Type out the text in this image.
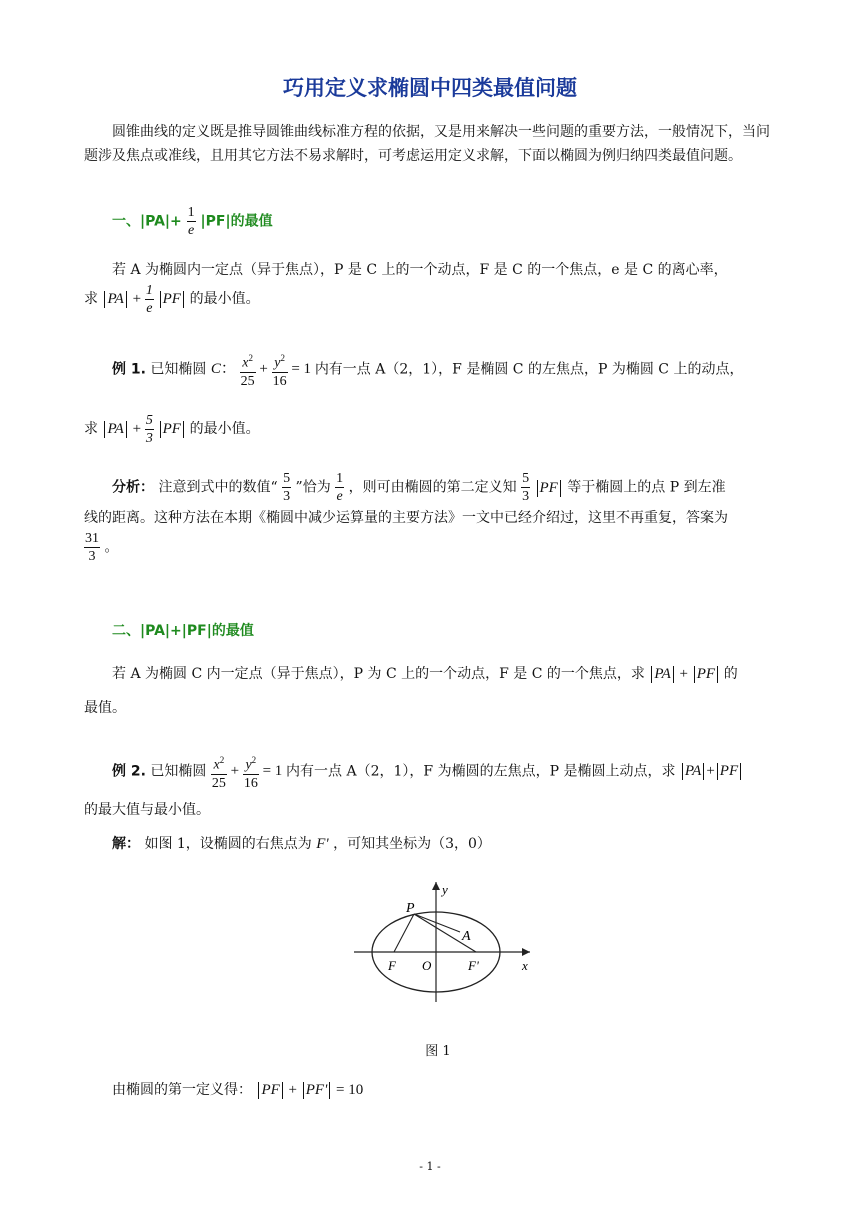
巧用定义求椭圆中四类最值问题
圆锥曲线的定义既是推导圆锥曲线标准方程的依据，又是用来解决一些问题的重要方法，一般情况下，当问题涉及焦点或准线，且用其它方法不易求解时，可考虑运用定义求解，下面以椭圆为例归纳四类最值问题。
一、$|PA|+ \frac{1}{e} |PF|$的最值
若 A 为椭圆内一定点（异于焦点），P 是 C 上的一个动点，F 是 C 的一个焦点，e 是 C 的离心率，
求 PA + $\frac{1}{e}$ PF 的最小值。
例 1. 已知椭圆 C： $\frac{x^2}{25} + \frac{y^2}{16} = 1$ 内有一点 A（2，1），F 是椭圆 C 的左焦点，P 为椭圆 C 上的动点，
求 PA + $\frac{5}{3}$ PF 的最小值。
分析： 注意到式中的数值“ $\frac{5}{3}$ ”恰为 $\frac{1}{e}$ ，则可由椭圆的第二定义知 $\frac{5}{3}$ PF 等于椭圆上的点 P 到左准
线的距离。这种方法在本期《椭圆中减少运算量的主要方法》一文中已经介绍过，这里不再重复，答案为
$\frac{31}{3}$ 。
二、|PA|+|PF|的最值
若 A 为椭圆 C 内一定点（异于焦点），P 为 C 上的一个动点，F 是 C 的一个焦点，求 PA + PF 的
最值。
例 2. 已知椭圆 $\frac{x^2}{25} + \frac{y^2}{16} = 1$ 内有一点 A（2，1），F 为椭圆的左焦点，P 是椭圆上动点，求 PA + PF
的最大值与最小值。
解： 如图 1，设椭圆的右焦点为 F' ，可知其坐标为（3，0）
y
x
P
A
F O	F'
图 1
由椭圆的第一定义得： PF + PF' = 10
- 1 -
